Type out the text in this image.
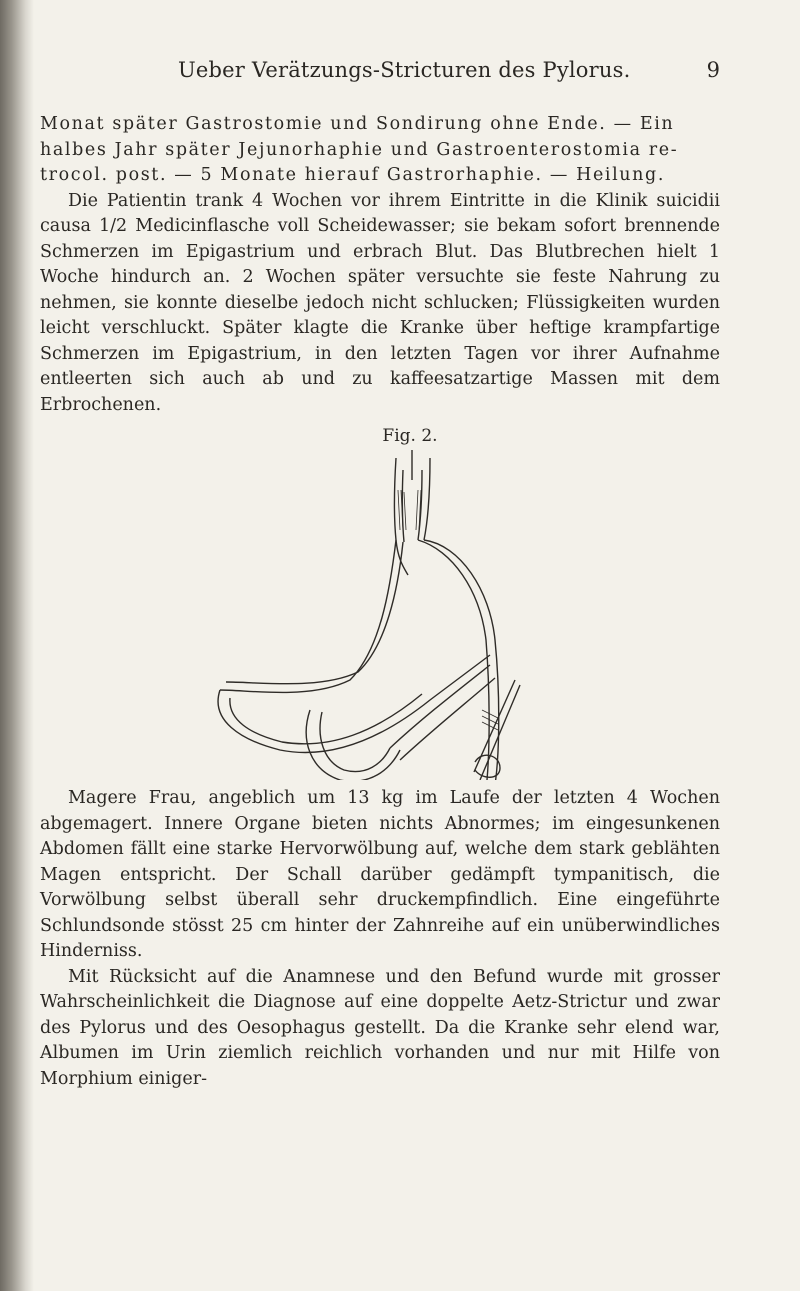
Ueber Verätzungs-Stricturen des Pylorus.	9

Monat später Gastrostomie und Sondirung ohne Ende. — Ein

halbes Jahr später Jejunorhaphie und Gastroenterostomia re-

trocol. post. — 5 Monate hierauf Gastrorhaphie. — Heilung.

Die Patientin trank 4 Wochen vor ihrem Eintritte in die Klinik suicidii causa 1/2 Medicinflasche voll Scheidewasser; sie bekam sofort brennende Schmerzen im Epigastrium und erbrach Blut. Das Blutbrechen hielt 1 Woche hindurch an. 2 Wochen später versuchte sie feste Nahrung zu nehmen, sie konnte dieselbe jedoch nicht schlucken; Flüssigkeiten wurden leicht verschluckt. Später klagte die Kranke über heftige krampfartige Schmerzen im Epigastrium, in den letzten Tagen vor ihrer Aufnahme entleerten sich auch ab und zu kaffeesatzartige Massen mit dem Erbrochenen.

Fig. 2.

Magere Frau, angeblich um 13 kg im Laufe der letzten 4 Wochen abgemagert. Innere Organe bieten nichts Abnormes; im eingesunkenen Abdomen fällt eine starke Hervorwölbung auf, welche dem stark geblähten Magen entspricht. Der Schall darüber gedämpft tympanitisch, die Vorwölbung selbst überall sehr druckempfindlich. Eine eingeführte Schlundsonde stösst 25 cm hinter der Zahnreihe auf ein unüberwindliches Hinderniss.

Mit Rücksicht auf die Anamnese und den Befund wurde mit grosser Wahrscheinlichkeit die Diagnose auf eine doppelte Aetz-Strictur und zwar des Pylorus und des Oesophagus gestellt. Da die Kranke sehr elend war, Albumen im Urin ziemlich reichlich vorhanden und nur mit Hilfe von Morphium einiger-
